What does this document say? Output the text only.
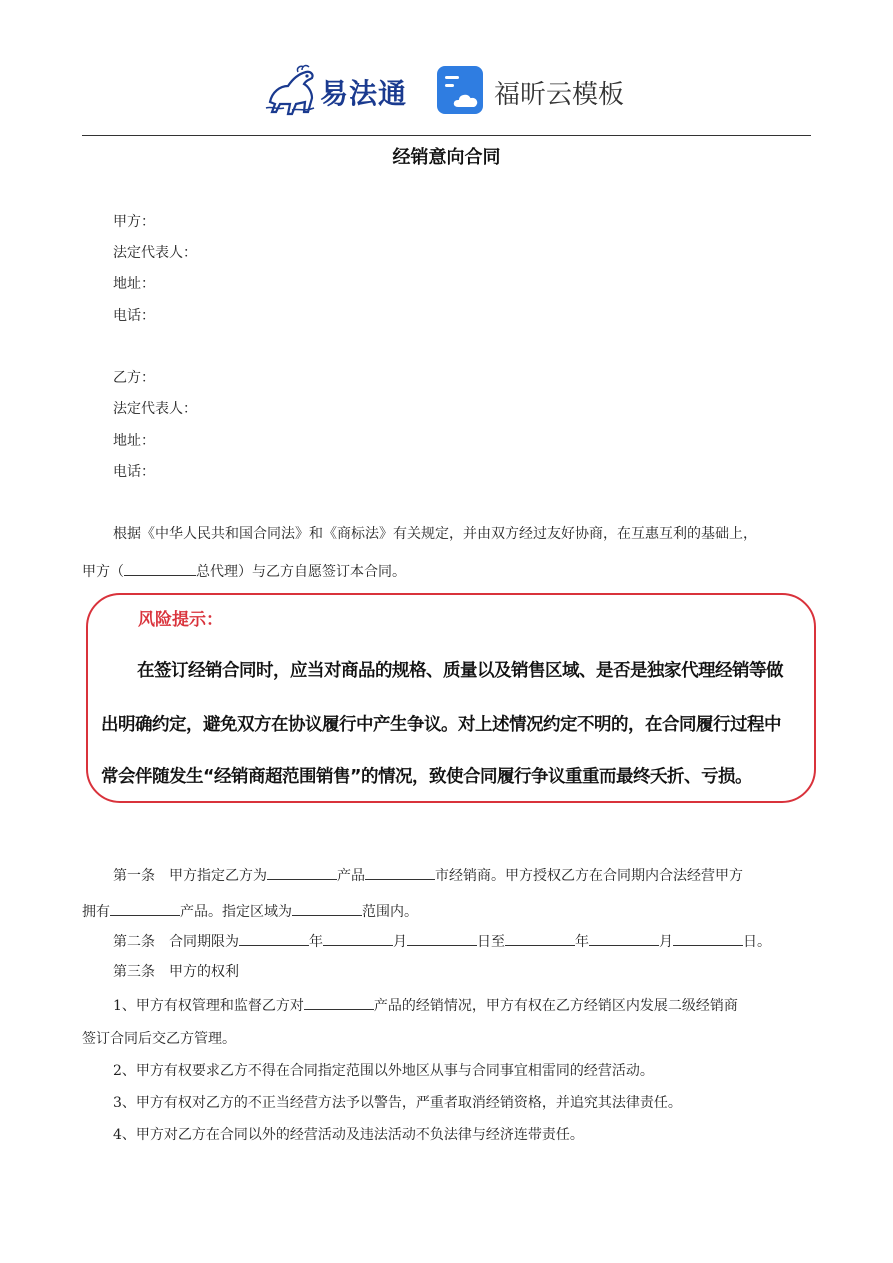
易法通	福昕云模板
经销意向合同
甲方：
法定代表人：
地址：
电话：
乙方：
法定代表人：
地址：
电话：
根据《中华人民共和国合同法》和《商标法》有关规定，并由双方经过友好协商，在互惠互利的基础上，
甲方（	总代理）与乙方自愿签订本合同。
风险提示：
在签订经销合同时，应当对商品的规格、质量以及销售区域、是否是独家代理经销等做
出明确约定，避免双方在协议履行中产生争议。对上述情况约定不明的，在合同履行过程中
常会伴随发生“经销商超范围销售”的情况，致使合同履行争议重重而最终夭折、亏损。
第一条　甲方指定乙方为	产品	市经销商。甲方授权乙方在合同期内合法经营甲方
拥有	产品。指定区域为	范围内。
第二条　合同期限为	年	月	日至	年	月	日。
第三条　甲方的权利
1、甲方有权管理和监督乙方对	产品的经销情况，甲方有权在乙方经销区内发展二级经销商
签订合同后交乙方管理。
2、甲方有权要求乙方不得在合同指定范围以外地区从事与合同事宜相雷同的经营活动。
3、甲方有权对乙方的不正当经营方法予以警告，严重者取消经销资格，并追究其法律责任。
4、甲方对乙方在合同以外的经营活动及违法活动不负法律与经济连带责任。
